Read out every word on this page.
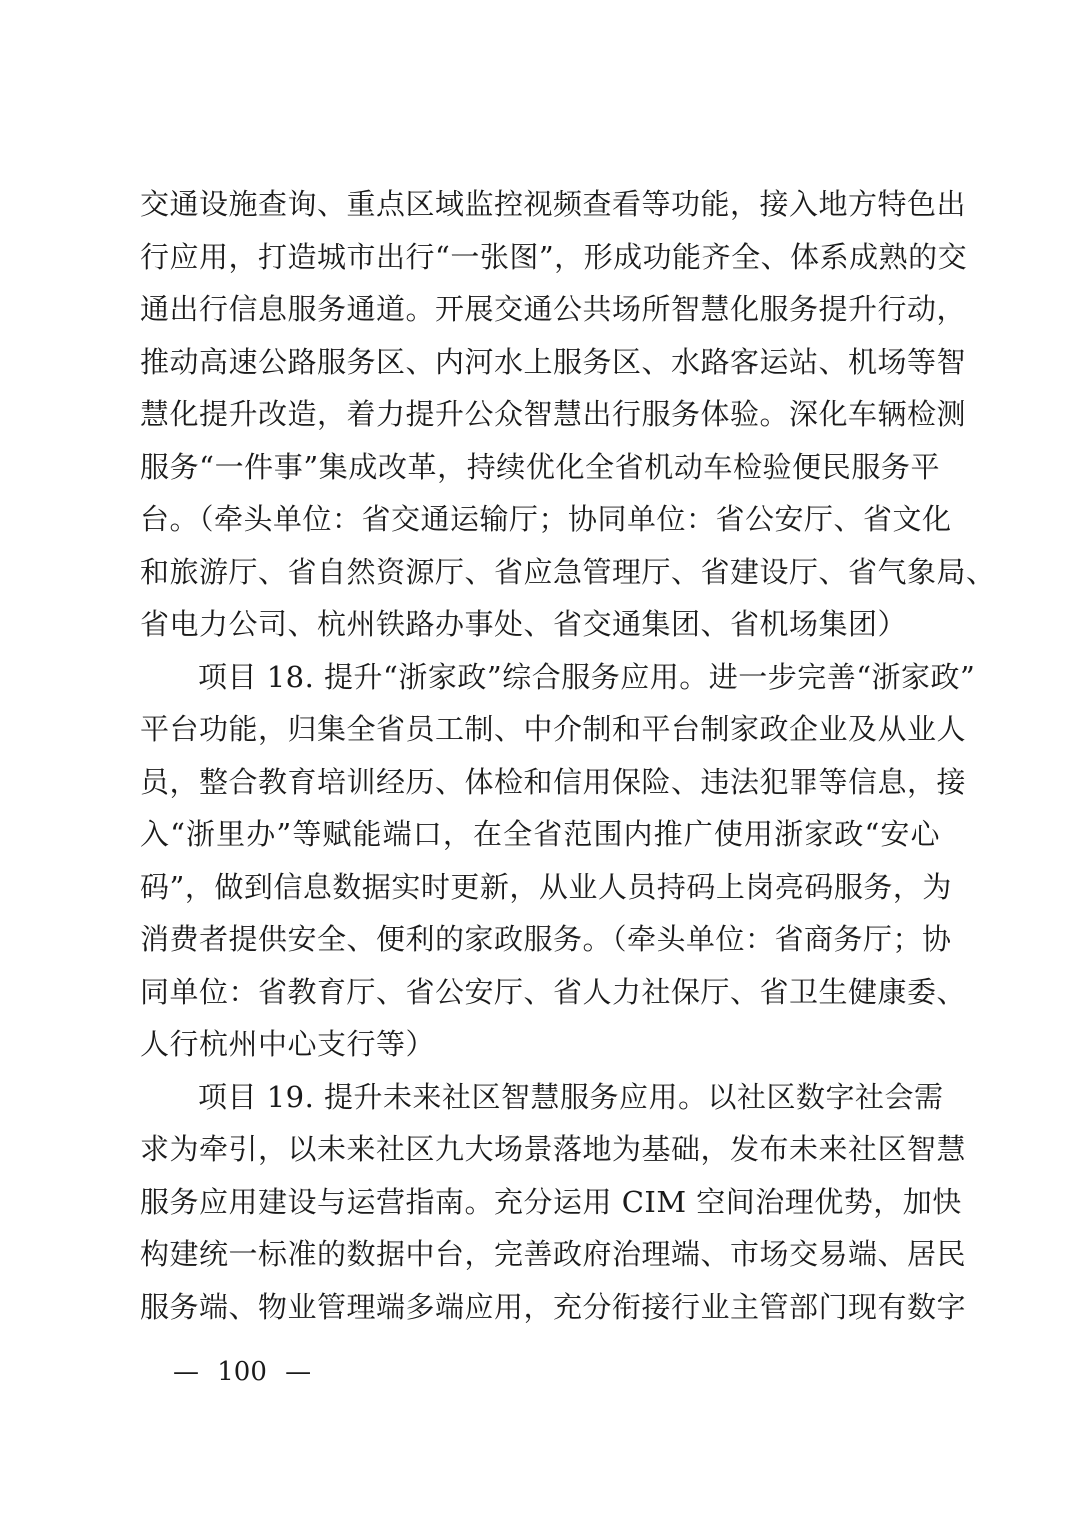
交通设施查询、重点区域监控视频查看等功能，接入地方特色出
行应用，打造城市出行“一张图”，形成功能齐全、体系成熟的交
通出行信息服务通道。开展交通公共场所智慧化服务提升行动，
推动高速公路服务区、内河水上服务区、水路客运站、机场等智
慧化提升改造，着力提升公众智慧出行服务体验。深化车辆检测
服务“一件事”集成改革，持续优化全省机动车检验便民服务平
台。（牵头单位：省交通运输厅；协同单位：省公安厅、省文化
和旅游厅、省自然资源厅、省应急管理厅、省建设厅、省气象局、
省电力公司、杭州铁路办事处、省交通集团、省机场集团）
项目 18. 提升“浙家政”综合服务应用。进一步完善“浙家政”
平台功能，归集全省员工制、中介制和平台制家政企业及从业人
员，整合教育培训经历、体检和信用保险、违法犯罪等信息，接
入“浙里办”等赋能端口，在全省范围内推广使用浙家政“安心
码”，做到信息数据实时更新，从业人员持码上岗亮码服务，为
消费者提供安全、便利的家政服务。（牵头单位：省商务厅；协
同单位：省教育厅、省公安厅、省人力社保厅、省卫生健康委、
人行杭州中心支行等）
项目 19. 提升未来社区智慧服务应用。以社区数字社会需
求为牵引，以未来社区九大场景落地为基础，发布未来社区智慧
服务应用建设与运营指南。充分运用 CIM 空间治理优势，加快
构建统一标准的数据中台，完善政府治理端、市场交易端、居民
服务端、物业管理端多端应用，充分衔接行业主管部门现有数字
— 100 —
